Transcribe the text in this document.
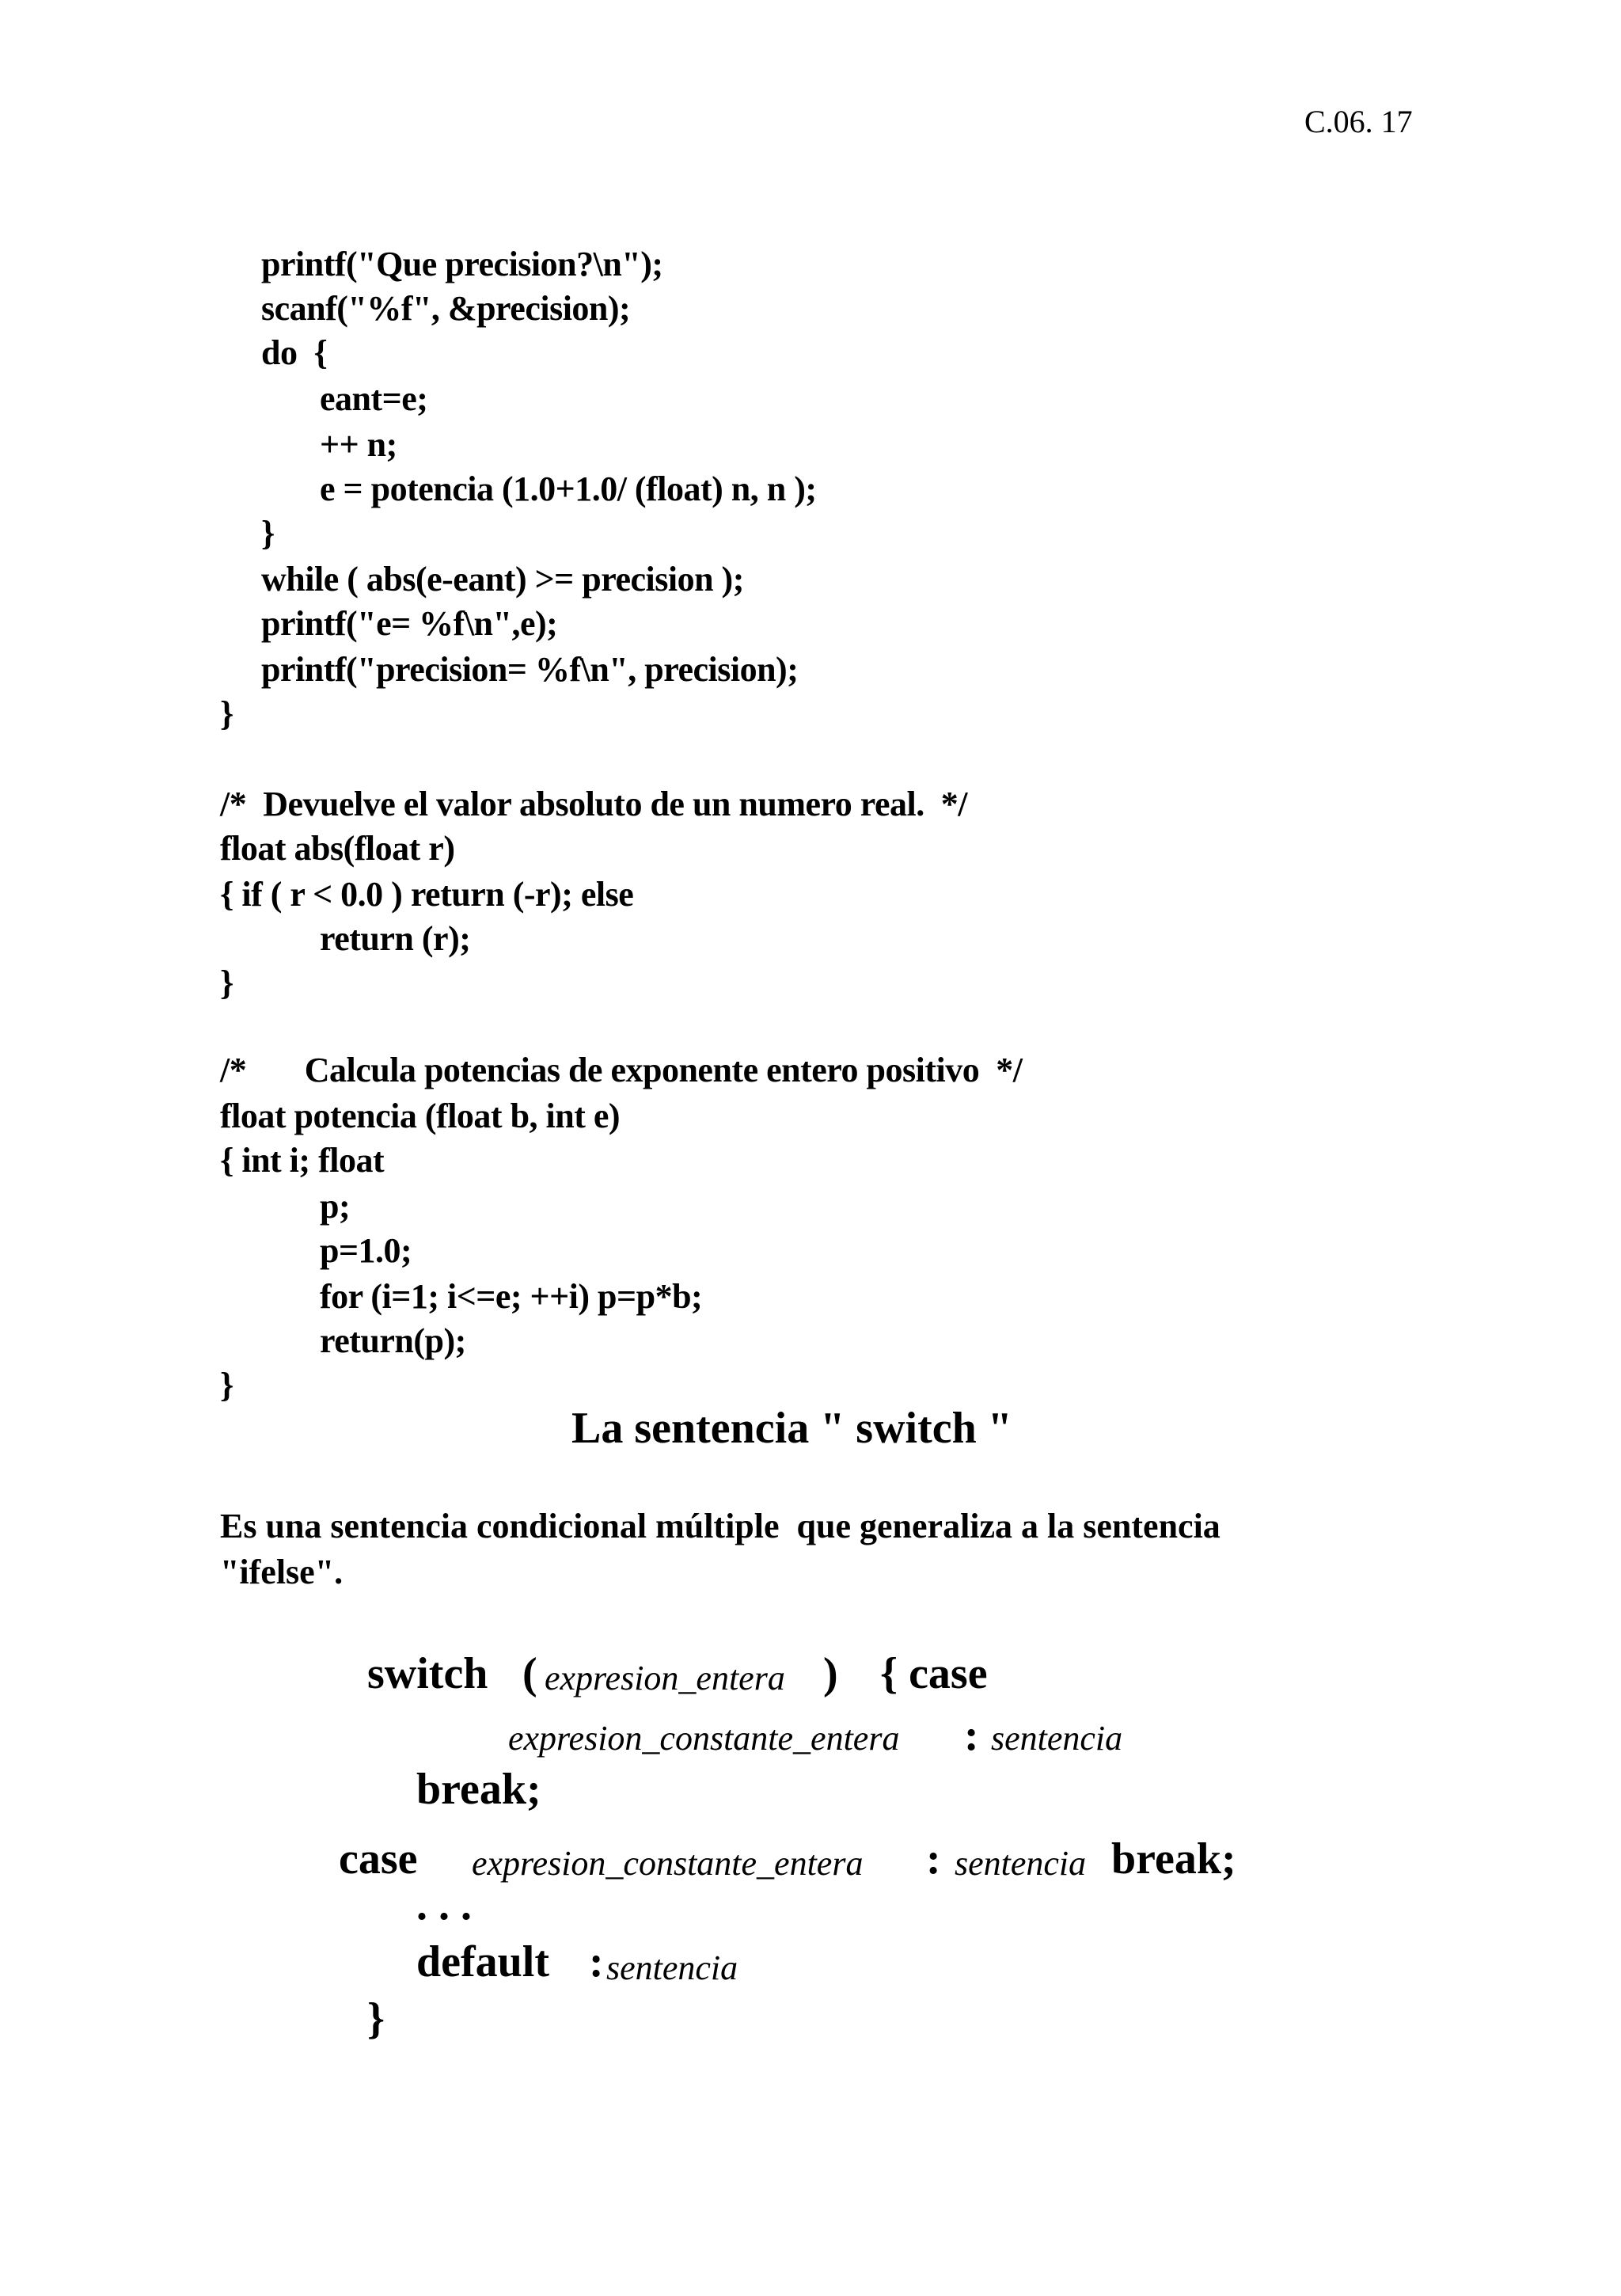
C.06. 17
printf("Que precision?\n");
scanf("%f", &precision);
do  {
eant=e;
++ n;
e = potencia (1.0+1.0/ (float) n, n );
}
while ( abs(e-eant) >= precision );
printf("e= %f\n",e);
printf("precision= %f\n", precision);
}
/*  Devuelve el valor absoluto de un numero real.  */
float abs(float r)
{ if ( r < 0.0 ) return (-r); else
return (r);
}
/*       Calcula potencias de exponente entero positivo  */
float potencia (float b, int e)
{ int i; float
p;
p=1.0;
for (i=1; i<=e; ++i) p=p*b;
return(p);
}
La sentencia " switch "
Es una sentencia condicional múltiple  que generaliza a la sentencia
"ifelse".
switch ( expresion_entera ) { case
expresion_constante_entera : sentencia
break;
case expresion_constante_entera : sentencia break;
. . .
default : sentencia
}
